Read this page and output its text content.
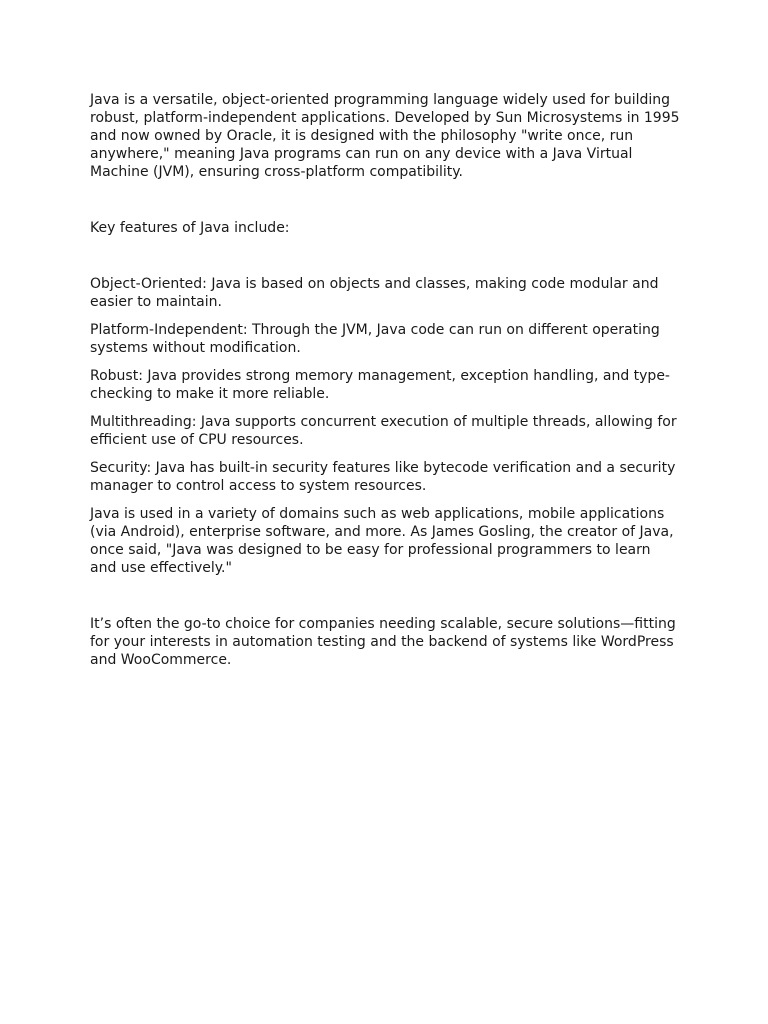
Java is a versatile, object-oriented programming language widely used for building robust, platform-independent applications. Developed by Sun Microsystems in 1995 and now owned by Oracle, it is designed with the philosophy "write once, run anywhere," meaning Java programs can run on any device with a Java Virtual Machine (JVM), ensuring cross-platform compatibility.

Key features of Java include:

Object-Oriented: Java is based on objects and classes, making code modular and easier to maintain.

Platform-Independent: Through the JVM, Java code can run on different operating systems without modification.

Robust: Java provides strong memory management, exception handling, and type-checking to make it more reliable.

Multithreading: Java supports concurrent execution of multiple threads, allowing for efficient use of CPU resources.

Security: Java has built-in security features like bytecode verification and a security manager to control access to system resources.

Java is used in a variety of domains such as web applications, mobile applications (via Android), enterprise software, and more. As James Gosling, the creator of Java, once said, "Java was designed to be easy for professional programmers to learn and use effectively."

It’s often the go-to choice for companies needing scalable, secure solutions—fitting for your interests in automation testing and the backend of systems like WordPress and WooCommerce.
